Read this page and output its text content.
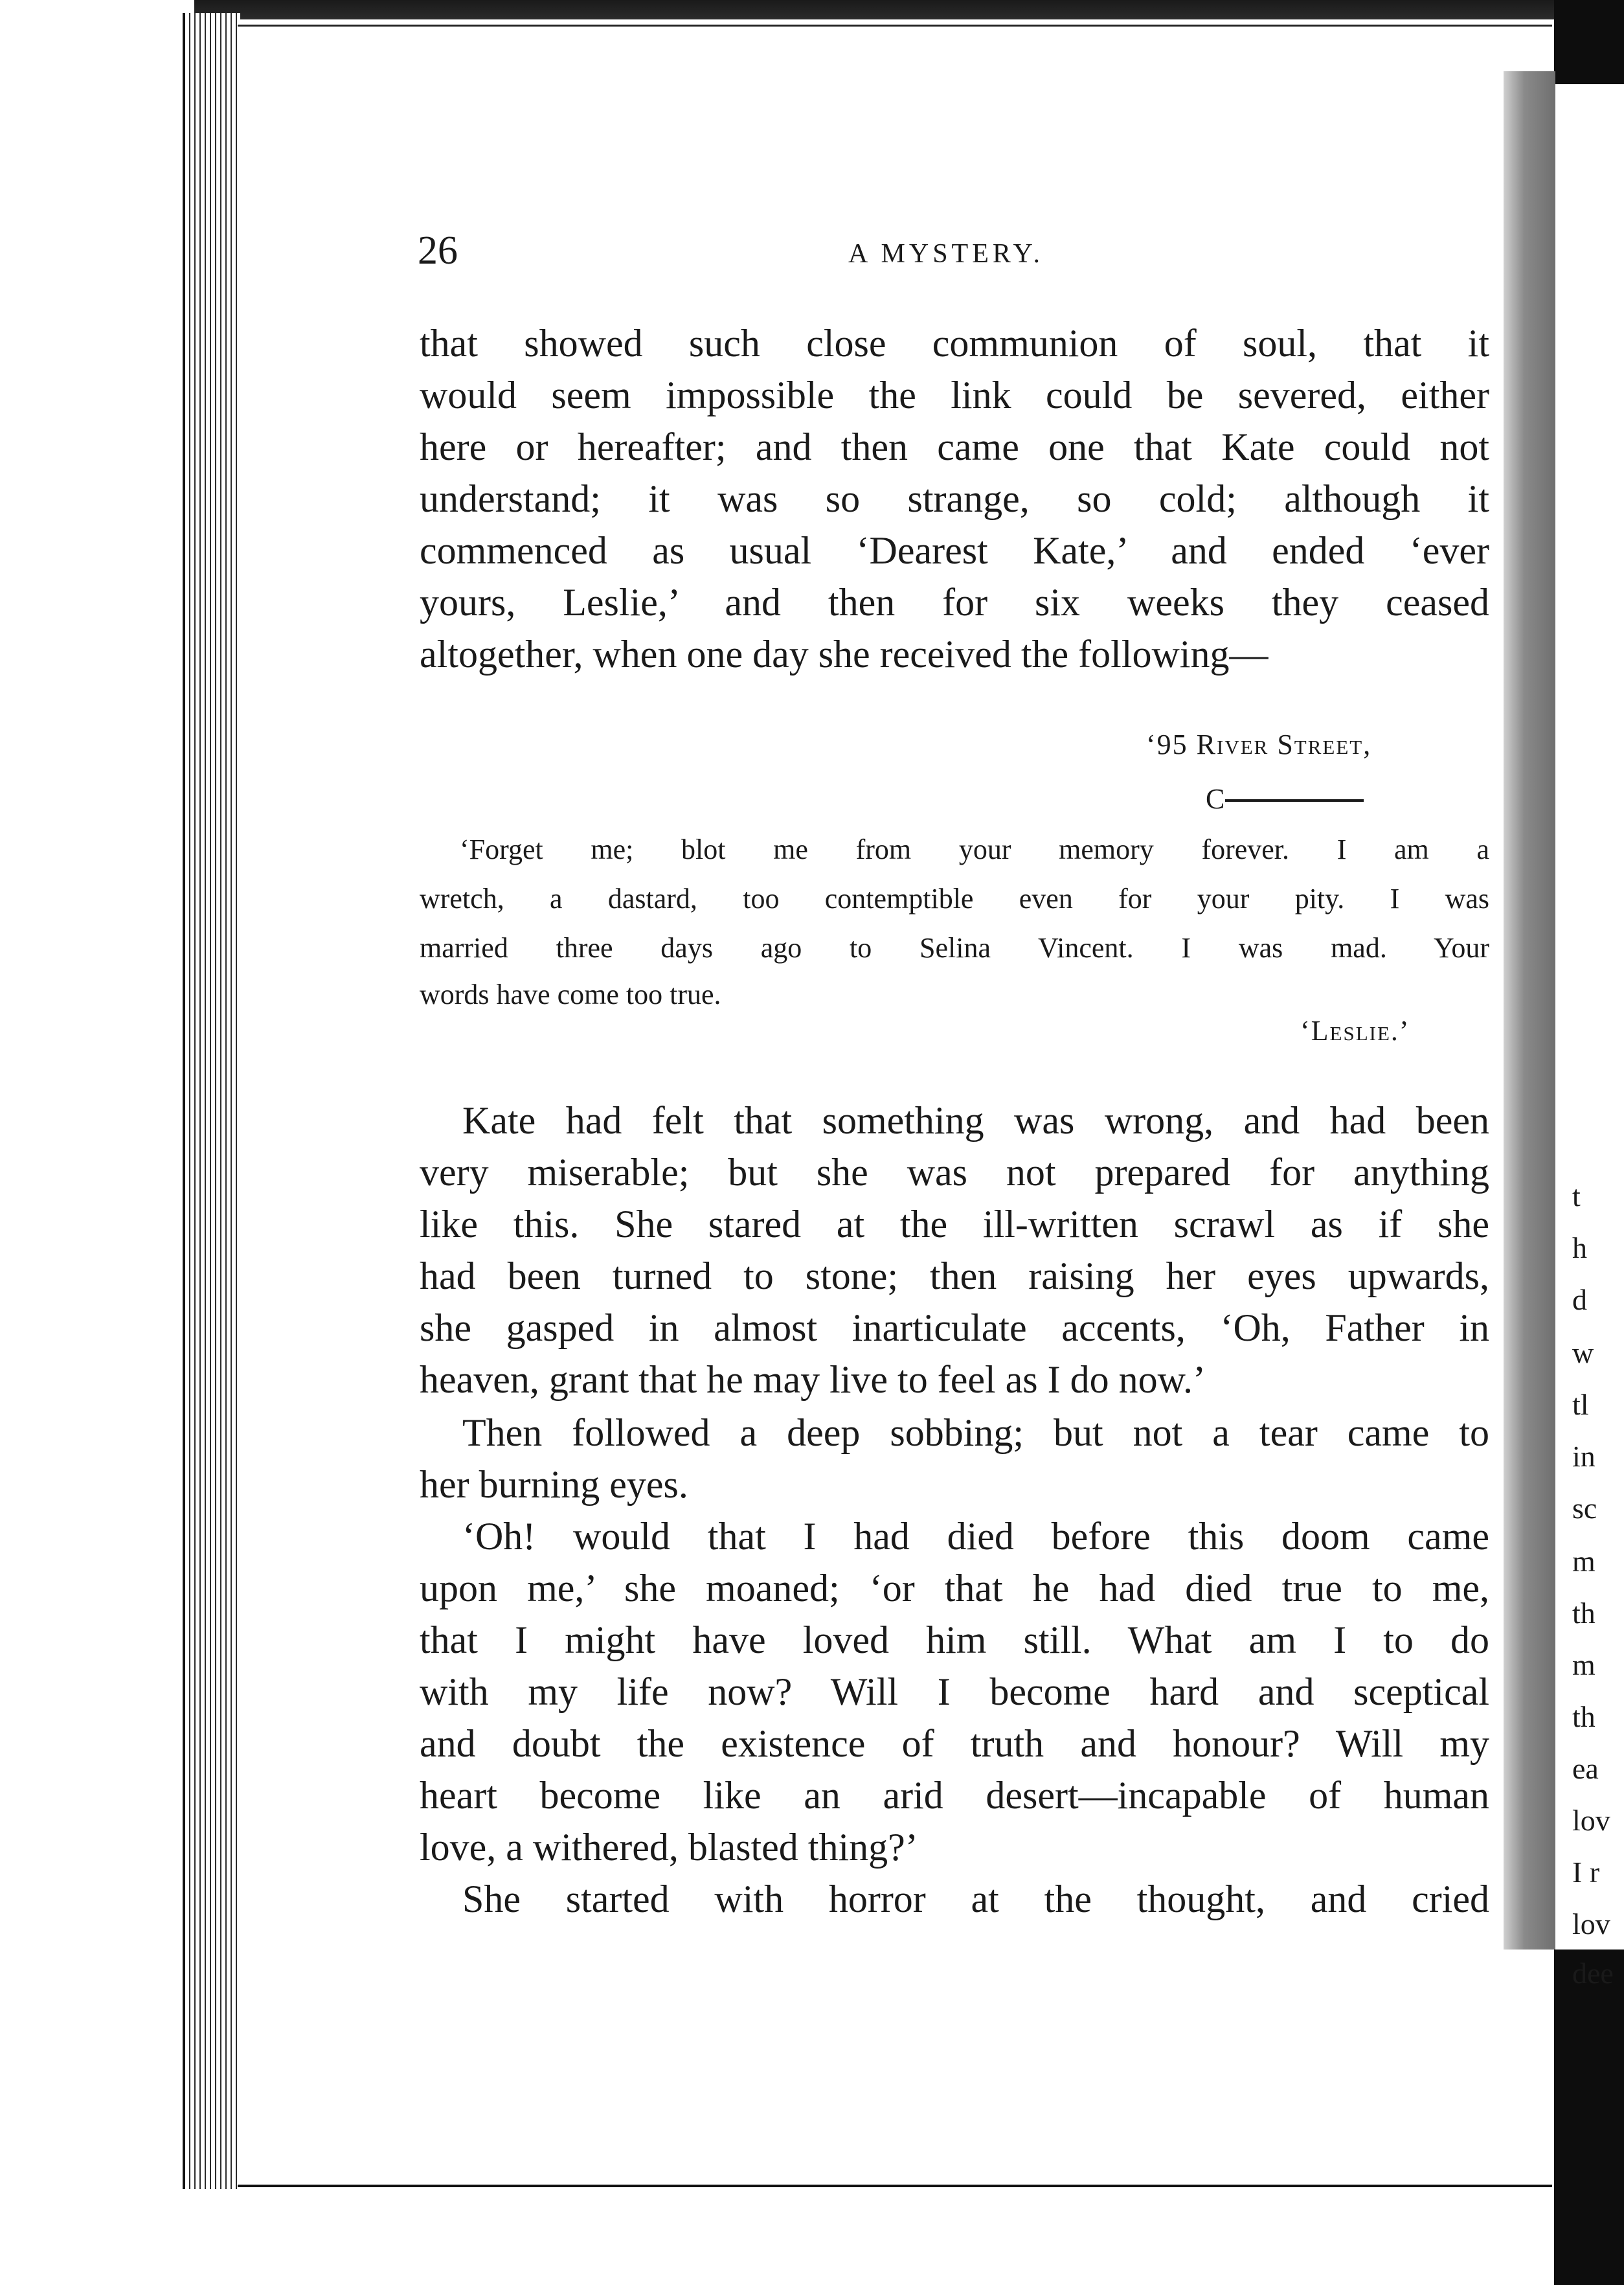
t
h
d
w
tl
in
sc
m
th
m
th
ea
lov
I r
lov
dee
26	A MYSTERY.
that showed such close communion of soul, that it
would seem impossible the link could be severed, either
here or hereafter; and then came one that Kate could not
understand; it was so strange, so cold; although it
commenced as usual ‘Dearest Kate,’ and ended ‘ever
yours, Leslie,’ and then for six weeks they ceased
altogether, when one day she received the following—
‘95 River Street,
C
‘Forget me; blot me from your memory forever. I am a
wretch, a dastard, too contemptible even for your pity. I was
married three days ago to Selina Vincent. I was mad. Your
words have come too true.
‘Leslie.’
Kate had felt that something was wrong, and had been
very miserable; but she was not prepared for anything
like this. She stared at the ill-written scrawl as if she
had been turned to stone; then raising her eyes upwards,
she gasped in almost inarticulate accents, ‘Oh, Father in
heaven, grant that he may live to feel as I do now.’
Then followed a deep sobbing; but not a tear came to
her burning eyes.
‘Oh! would that I had died before this doom came
upon me,’ she moaned; ‘or that he had died true to me,
that I might have loved him still. What am I to do
with my life now? Will I become hard and sceptical
and doubt the existence of truth and honour? Will my
heart become like an arid desert—incapable of human
love, a withered, blasted thing?’
She started with horror at the thought, and cried
